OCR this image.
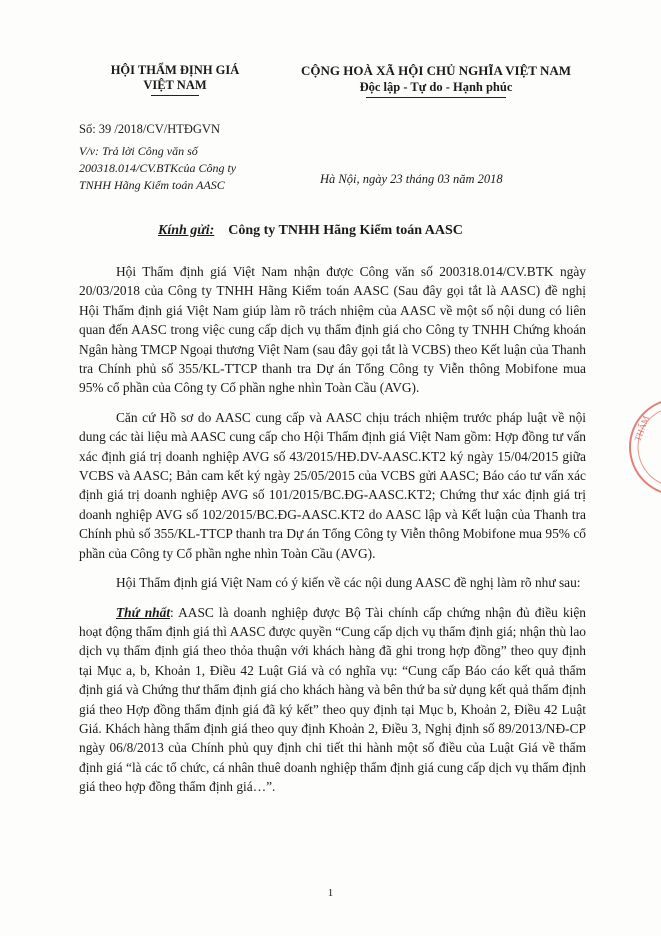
HỘI THẨM ĐỊNH GIÁ
VIỆT NAM
CỘNG HOÀ XÃ HỘI CHỦ NGHĨA VIỆT NAM
Độc lập - Tự do - Hạnh phúc
Số: 39 /2018/CV/HTĐGVN
V/v: Trả lời Công văn số
200318.014/CV.BTKcủa Công ty
TNHH Hãng Kiểm toán AASC	Hà Nội, ngày 23 tháng 03 năm 2018
Kính gửi: Công ty TNHH Hãng Kiểm toán AASC

Hội Thẩm định giá Việt Nam nhận được Công văn số 200318.014/CV.BTK ngày 20/03/2018 của Công ty TNHH Hãng Kiểm toán AASC (Sau đây gọi tắt là AASC) đề nghị Hội Thẩm định giá Việt Nam giúp làm rõ trách nhiệm của AASC về một số nội dung có liên quan đến AASC trong việc cung cấp dịch vụ thẩm định giá cho Công ty TNHH Chứng khoán Ngân hàng TMCP Ngoại thương Việt Nam (sau đây gọi tắt là VCBS) theo Kết luận của Thanh tra Chính phủ số 355/KL-TTCP thanh tra Dự án Tổng Công ty Viễn thông Mobifone mua 95% cổ phần của Công ty Cổ phần nghe nhìn Toàn Cầu (AVG).

Căn cứ Hồ sơ do AASC cung cấp và AASC chịu trách nhiệm trước pháp luật về nội dung các tài liệu mà AASC cung cấp cho Hội Thẩm định giá Việt Nam gồm: Hợp đồng tư vấn xác định giá trị doanh nghiệp AVG số 43/2015/HĐ.DV-AASC.KT2 ký ngày 15/04/2015 giữa VCBS và AASC; Bản cam kết ký ngày 25/05/2015 của VCBS gửi AASC; Báo cáo tư vấn xác định giá trị doanh nghiệp AVG số 101/2015/BC.ĐG-AASC.KT2; Chứng thư xác định giá trị doanh nghiệp AVG số 102/2015/BC.ĐG-AASC.KT2 do AASC lập và Kết luận của Thanh tra Chính phủ số 355/KL-TTCP thanh tra Dự án Tổng Công ty Viễn thông Mobifone mua 95% cổ phần của Công ty Cổ phần nghe nhìn Toàn Cầu (AVG).

Hội Thẩm định giá Việt Nam có ý kiến về các nội dung AASC đề nghị làm rõ như sau:

Thứ nhất: AASC là doanh nghiệp được Bộ Tài chính cấp chứng nhận đủ điều kiện hoạt động thẩm định giá thì AASC được quyền “Cung cấp dịch vụ thẩm định giá; nhận thù lao dịch vụ thẩm định giá theo thỏa thuận với khách hàng đã ghi trong hợp đồng” theo quy định tại Mục a, b, Khoản 1, Điều 42 Luật Giá và có nghĩa vụ: “Cung cấp Báo cáo kết quả thẩm định giá và Chứng thư thẩm định giá cho khách hàng và bên thứ ba sử dụng kết quả thẩm định giá theo Hợp đồng thẩm định giá đã ký kết” theo quy định tại Mục b, Khoản 2, Điều 42 Luật Giá. Khách hàng thẩm định giá theo quy định Khoản 2, Điều 3, Nghị định số 89/2013/NĐ-CP ngày 06/8/2013 của Chính phủ quy định chi tiết thi hành một số điều của Luật Giá về thẩm định giá “là các tổ chức, cá nhân thuê doanh nghiệp thẩm định giá cung cấp dịch vụ thẩm định giá theo hợp đồng thẩm định giá…”.

1
THẨM
